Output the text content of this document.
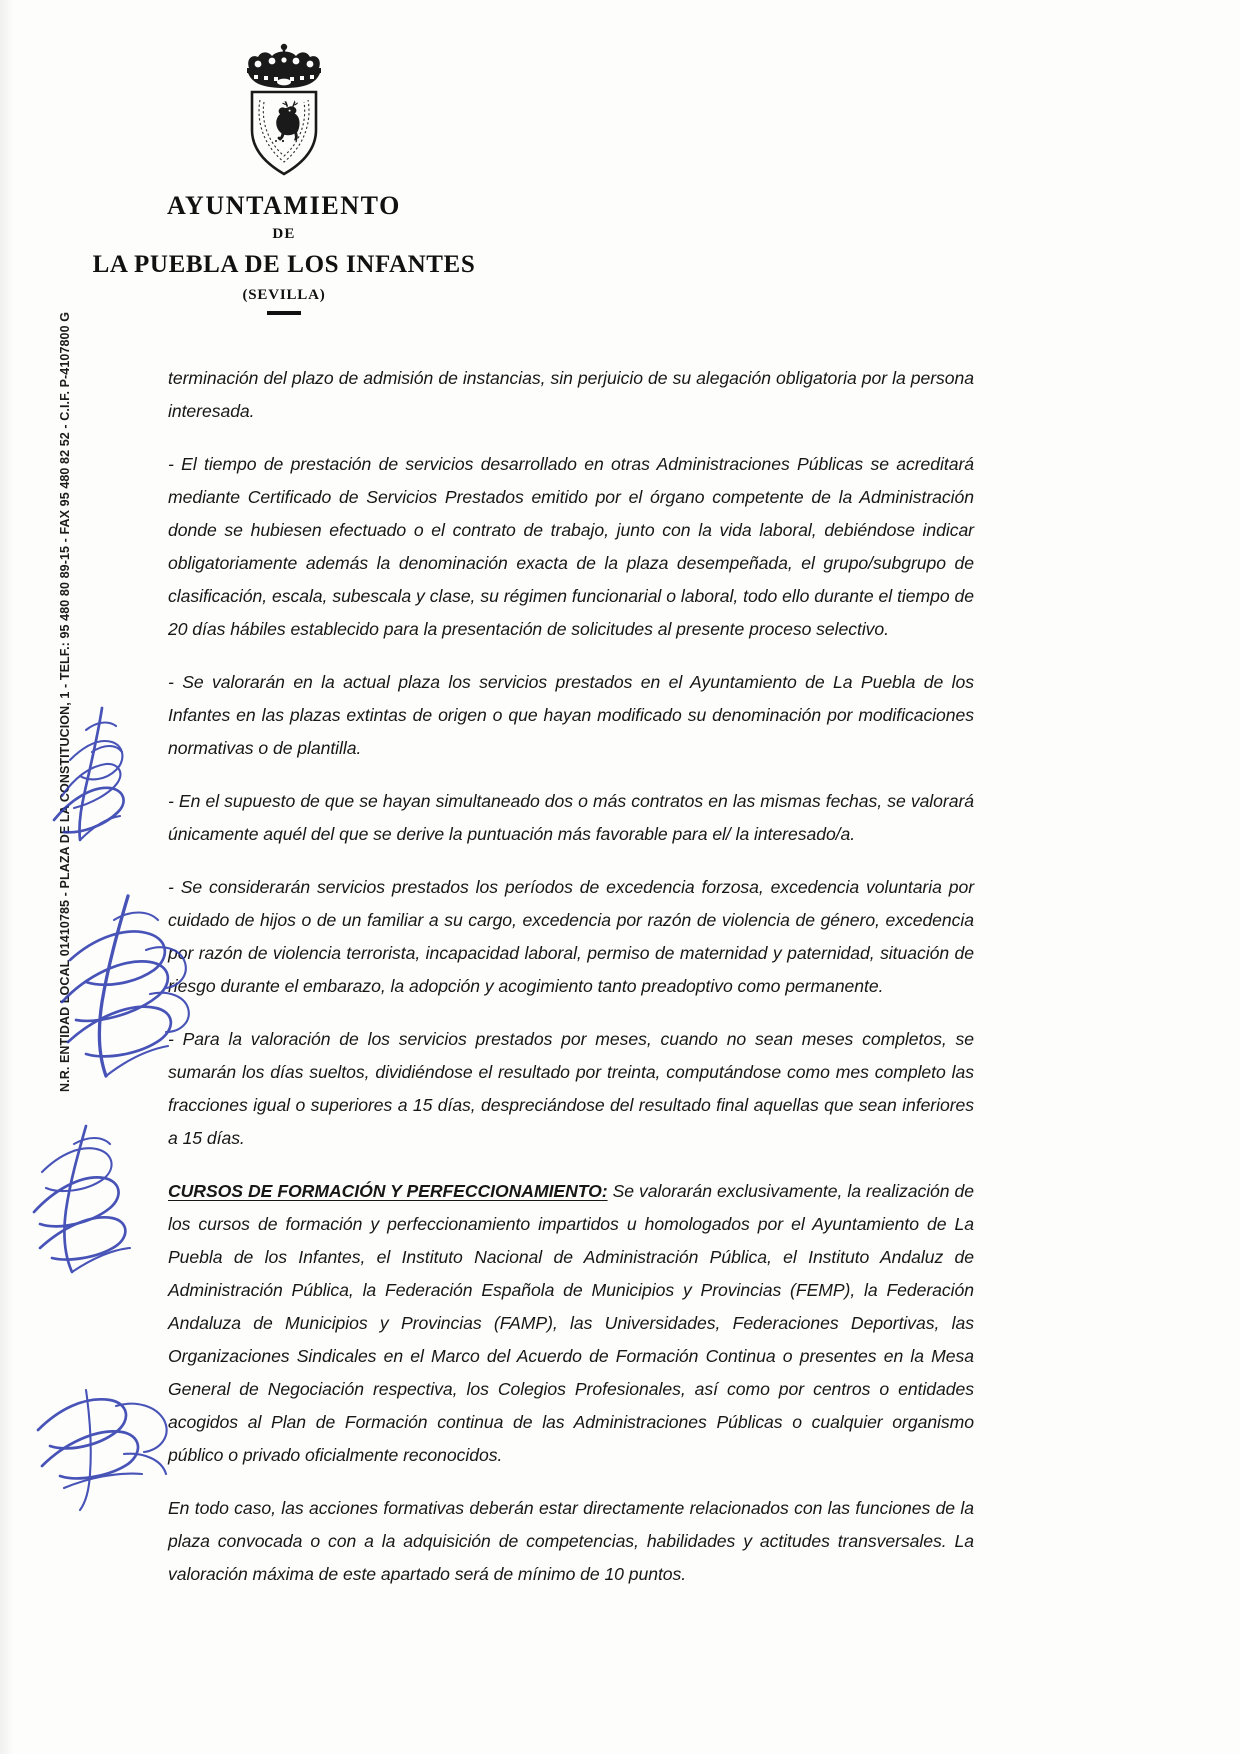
AYUNTAMIENTO
DE
LA PUEBLA DE LOS INFANTES
(SEVILLA)
N.R. ENTIDAD LOCAL 01410785 - PLAZA DE LA CONSTITUCION, 1 - TELF.: 95 480 80 89-15 - FAX 95 480 82 52 - C.I.F. P-4107800 G	terminación del plazo de admisión de instancias, sin perjuicio de su alegación obligatoria por la persona interesada.

- El tiempo de prestación de servicios desarrollado en otras Administraciones Públicas se acreditará mediante Certificado de Servicios Prestados emitido por el órgano competente de la Administración donde se hubiesen efectuado o el contrato de trabajo, junto con la vida laboral, debiéndose indicar obligatoriamente además la denominación exacta de la plaza desempeñada, el grupo/subgrupo de clasificación, escala, subescala y clase, su régimen funcionarial o laboral, todo ello durante el tiempo de 20 días hábiles establecido para la presentación de solicitudes al presente proceso selectivo.

- Se valorarán en la actual plaza los servicios prestados en el Ayuntamiento de La Puebla de los Infantes en las plazas extintas de origen o que hayan modificado su denominación por modificaciones normativas o de plantilla.

- En el supuesto de que se hayan simultaneado dos o más contratos en las mismas fechas, se valorará únicamente aquél del que se derive la puntuación más favorable para el/ la interesado/a.

- Se considerarán servicios prestados los períodos de excedencia forzosa, excedencia voluntaria por cuidado de hijos o de un familiar a su cargo, excedencia por razón de violencia de género, excedencia por razón de violencia terrorista, incapacidad laboral, permiso de maternidad y paternidad, situación de riesgo durante el embarazo, la adopción y acogimiento tanto preadoptivo como permanente.

- Para la valoración de los servicios prestados por meses, cuando no sean meses completos, se sumarán los días sueltos, dividiéndose el resultado por treinta, computándose como mes completo las fracciones igual o superiores a 15 días, despreciándose del resultado final aquellas que sean inferiores a 15 días.

CURSOS DE FORMACIÓN Y PERFECCIONAMIENTO: Se valorarán exclusivamente, la realización de los cursos de formación y perfeccionamiento impartidos u homologados por el Ayuntamiento de La Puebla de los Infantes, el Instituto Nacional de Administración Pública, el Instituto Andaluz de Administración Pública, la Federación Española de Municipios y Provincias (FEMP), la Federación Andaluza de Municipios y Provincias (FAMP), las Universidades, Federaciones Deportivas, las Organizaciones Sindicales en el Marco del Acuerdo de Formación Continua o presentes en la Mesa General de Negociación respectiva, los Colegios Profesionales, así como por centros o entidades acogidos al Plan de Formación continua de las Administraciones Públicas o cualquier organismo público o privado oficialmente reconocidos.

En todo caso, las acciones formativas deberán estar directamente relacionados con las funciones de la plaza convocada o con a la adquisición de competencias, habilidades y actitudes transversales. La valoración máxima de este apartado será de mínimo de 10 puntos.
